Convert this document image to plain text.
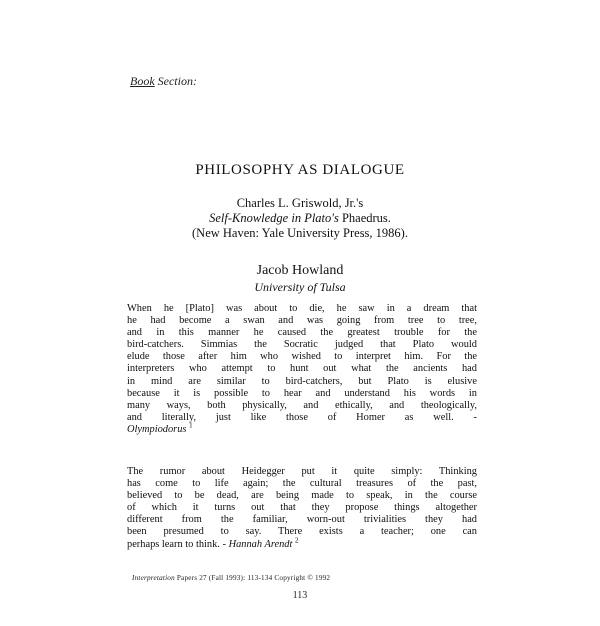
Book Section:
PHILOSOPHY AS DIALOGUE
Charles L. Griswold, Jr.'s
Self-Knowledge in Plato's Phaedrus.
(New Haven: Yale University Press, 1986).
Jacob Howland
University of Tulsa
When he [Plato] was about to die, he saw in a dream that
he had become a swan and was going from tree to tree,
and in this manner he caused the greatest trouble for the
bird-catchers. Simmias the Socratic judged that Plato would
elude those after him who wished to interpret him. For the
interpreters who attempt to hunt out what the ancients had
in mind are similar to bird-catchers, but Plato is elusive
because it is possible to hear and understand his words in
many ways, both physically, and ethically, and theologically,
and literally, just like those of Homer as well. -
Olympiodorus $^1$
The rumor about Heidegger put it quite simply: Thinking
has come to life again; the cultural treasures of the past,
believed to be dead, are being made to speak, in the course
of which it turns out that they propose things altogether
different from the familiar, worn-out trivialities they had
been presumed to say. There exists a teacher; one can
perhaps learn to think. - Hannah Arendt $^2$
Interpretation Papers 27 (Fall 1993): 113-134 Copyright © 1992
113
